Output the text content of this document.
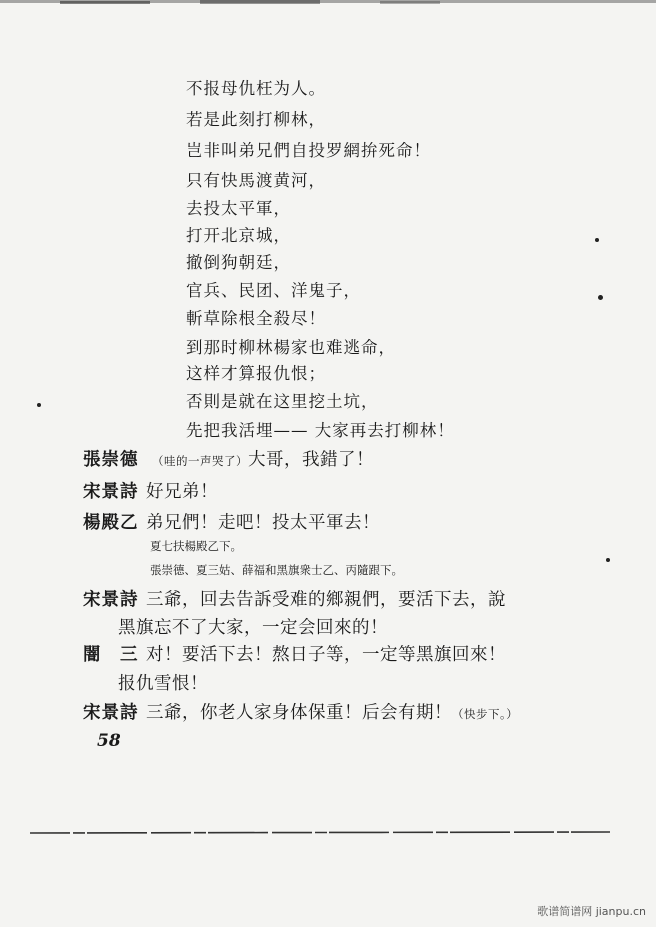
不报母仇枉为人。
若是此刻打柳林，
岂非叫弟兄們自投罗網拚死命！
只有快馬渡黄河，
去投太平軍，
打开北京城，
撤倒狗朝廷，
官兵、民团、洋鬼子，
斬草除根全殺尽！
到那时柳林楊家也难逃命，
这样才算报仇恨；
否則是就在这里挖土坑，
先把我活埋—— 大家再去打柳林！
張崇德 （哇的一声哭了）大哥，我錯了！
宋景詩 好兄弟！
楊殿乙 弟兄們！走吧！投太平軍去！
夏七扶楊殿乙下。
張崇德、夏三姑、薛福和黑旗衆士乙、丙隨跟下。
宋景詩 三爺，回去告訴受难的鄉親們，要活下去，說
黑旗忘不了大家，一定会回來的！
闇　三 对！要活下去！熬日子等，一定等黑旗回來！
报仇雪恨！
宋景詩 三爺，你老人家身体保重！后会有期！（快步下。）
58
歌谱简谱网 jianpu.cn
